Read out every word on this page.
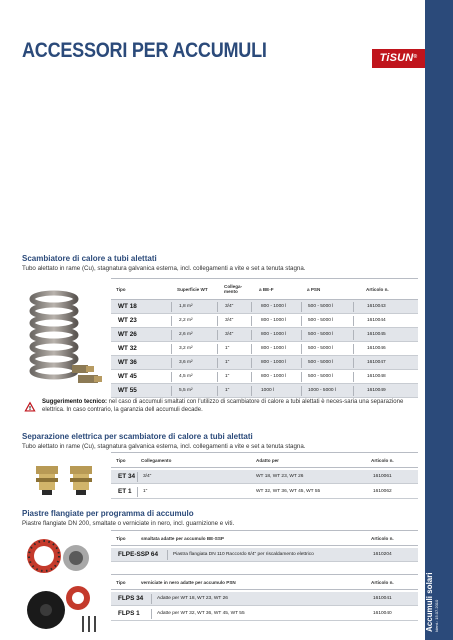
ACCESSORI PER ACCUMULI	TiSUN®
Accumuli solari Ident.: 15.07.2010
Scambiatore di calore a tubi alettati
Tubo alettato in rame (Cu), stagnatura galvanica esterna, incl. collegamenti a vite e set a tenuta stagna.
Tipo	Superficie WT
Collega-
mento	a BE-F	a PSN	Articolo n.
WT 18	1,8 m²	3/4"	800 - 1000 l	500 - 5000 l	1610043
WT 23	2,2 m²	3/4"	800 - 1000 l	500 - 5000 l	1610044
WT 26	2,6 m²	3/4"	800 - 1000 l	500 - 5000 l	1610045
WT 32	3,2 m²	1"	800 - 1000 l	500 - 5000 l	1610046
WT 36	3,6 m²	1"	800 - 1000 l	500 - 5000 l	1610047
WT 45	4,5 m²	1"	800 - 1000 l	500 - 5000 l	1610048
WT 55	5,5 m²	1"	1000 l	1000 - 5000 l	1610049
Suggerimento tecnico: nel caso di accumuli smaltati con l'utilizzo di scambiatore di calore a tubi alettati è neces-saria una separazione elettrica. In caso contrario, la garanzia dell accumuli decade.
Separazione elettrica per scambiatore di calore a tubi alettati
Tubo alettato in rame (Cu), stagnatura galvanica esterna, incl. collegamenti a vite e set a tenuta stagna.
Tipo	Collegamento	Adatto per	Articolo n.
ET 34 3/4"	WT 18, WT 23, WT 26	1610061
ET 1 1"	WT 32, WT 36, WT 45, WT 55	1610062
Piastre flangiate per programma di accumulo
Piastre flangiate DN 200, smaltate o verniciate in nero, incl. guarnizione e viti.
Tipo	smaltata adatte per accumulo BE-SSP	Articolo n.
FLPE-SSP 64	Piastra flangiata DN 110 Raccordo 6/4" per riscaldamento elettrico	1610204
Tipo	verniciate in nero adatte per accumulo PSN	Articolo n.
FLPS 34	Adatte per WT 18, WT 23, WT 26	1610041
FLPS 1	Adatte per WT 32, WT 36, WT 45, WT 55	1610040
